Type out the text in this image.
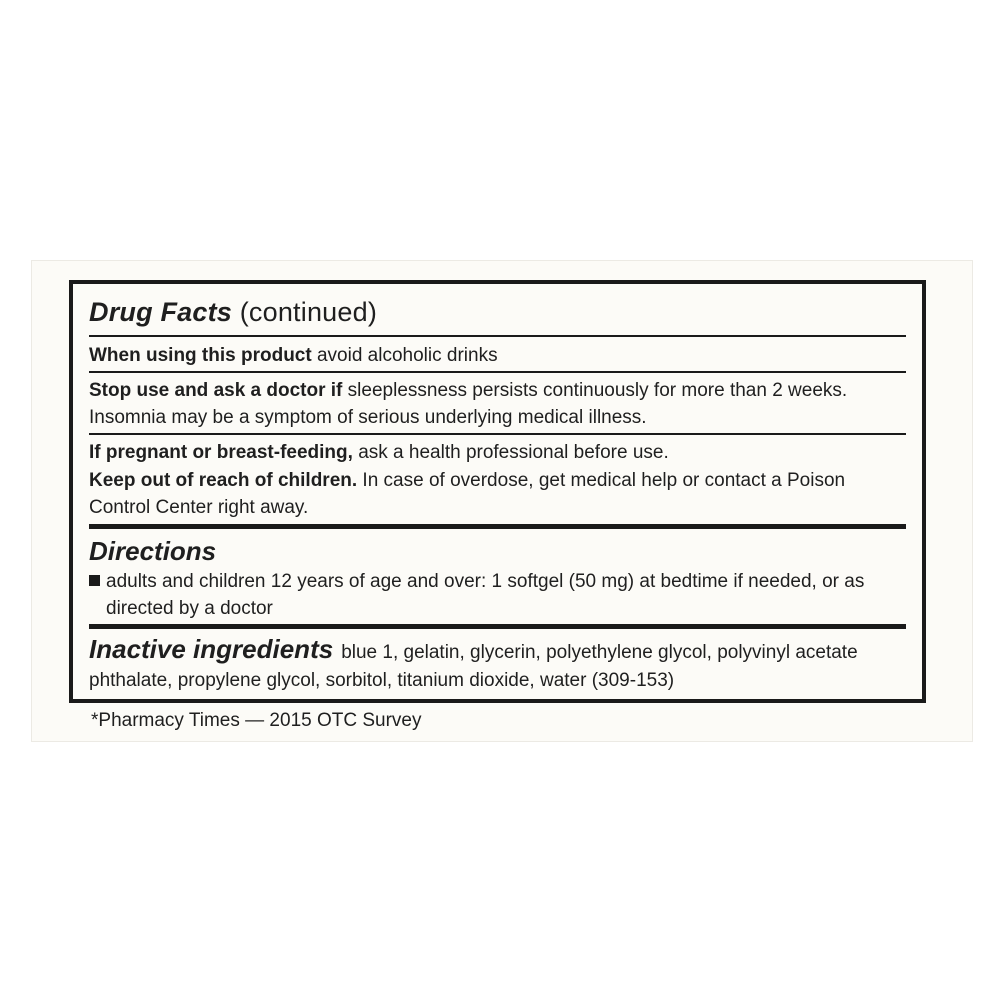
Drug Facts (continued)
When using this product avoid alcoholic drinks
Stop use and ask a doctor if sleeplessness persists continuously for more than 2 weeks.
Insomnia may be a symptom of serious underlying medical illness.
If pregnant or breast-feeding, ask a health professional before use.
Keep out of reach of children. In case of overdose, get medical help or contact a Poison
Control Center right away.
Directions
adults and children 12 years of age and over: 1 softgel (50 mg) at bedtime if needed, or as
directed by a doctor
Inactive ingredients blue 1, gelatin, glycerin, polyethylene glycol, polyvinyl acetate
phthalate, propylene glycol, sorbitol, titanium dioxide, water (309-153)
*Pharmacy Times — 2015 OTC Survey
